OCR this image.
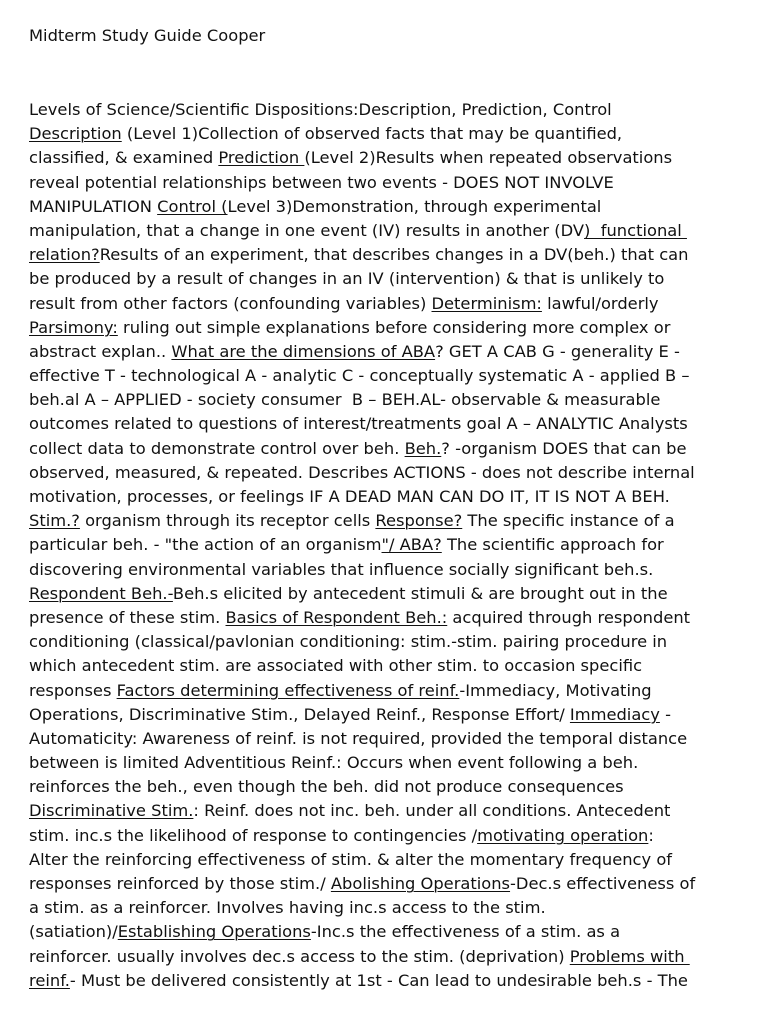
Midterm Study Guide Cooper
Levels of Science/Scientific Dispositions:Description, Prediction, Control
Description (Level 1)Collection of observed facts that may be quantified,
classified, & examined Prediction (Level 2)Results when repeated observations
reveal potential relationships between two events - DOES NOT INVOLVE
MANIPULATION Control (Level 3)Demonstration, through experimental
manipulation, that a change in one event (IV) results in another (DV)  functional
relation?Results of an experiment, that describes changes in a DV(beh.) that can
be produced by a result of changes in an IV (intervention) & that is unlikely to
result from other factors (confounding variables) Determinism: lawful/orderly
Parsimony: ruling out simple explanations before considering more complex or
abstract explan.. What are the dimensions of ABA? GET A CAB G - generality E -
effective T - technological A - analytic C - conceptually systematic A - applied B –
beh.al A – APPLIED - society consumer  B – BEH.AL- observable & measurable
outcomes related to questions of interest/treatments goal A – ANALYTIC Analysts
collect data to demonstrate control over beh. Beh.? -organism DOES that can be
observed, measured, & repeated. Describes ACTIONS - does not describe internal
motivation, processes, or feelings IF A DEAD MAN CAN DO IT, IT IS NOT A BEH.
Stim.? organism through its receptor cells Response? The specific instance of a
particular beh. - "the action of an organism"/ ABA? The scientific approach for
discovering environmental variables that influence socially significant beh.s.
Respondent Beh.-Beh.s elicited by antecedent stimuli & are brought out in the
presence of these stim. Basics of Respondent Beh.: acquired through respondent
conditioning (classical/pavlonian conditioning: stim.-stim. pairing procedure in
which antecedent stim. are associated with other stim. to occasion specific
responses Factors determining effectiveness of reinf.-Immediacy, Motivating
Operations, Discriminative Stim., Delayed Reinf., Response Effort/ Immediacy -
Automaticity: Awareness of reinf. is not required, provided the temporal distance
between is limited Adventitious Reinf.: Occurs when event following a beh.
reinforces the beh., even though the beh. did not produce consequences
Discriminative Stim.: Reinf. does not inc. beh. under all conditions. Antecedent
stim. inc.s the likelihood of response to contingencies /motivating operation:
Alter the reinforcing effectiveness of stim. & alter the momentary frequency of
responses reinforced by those stim./ Abolishing Operations-Dec.s effectiveness of
a stim. as a reinforcer. Involves having inc.s access to the stim.
(satiation)/Establishing Operations-Inc.s the effectiveness of a stim. as a
reinforcer. usually involves dec.s access to the stim. (deprivation) Problems with
reinf.- Must be delivered consistently at 1st - Can lead to undesirable beh.s - The
